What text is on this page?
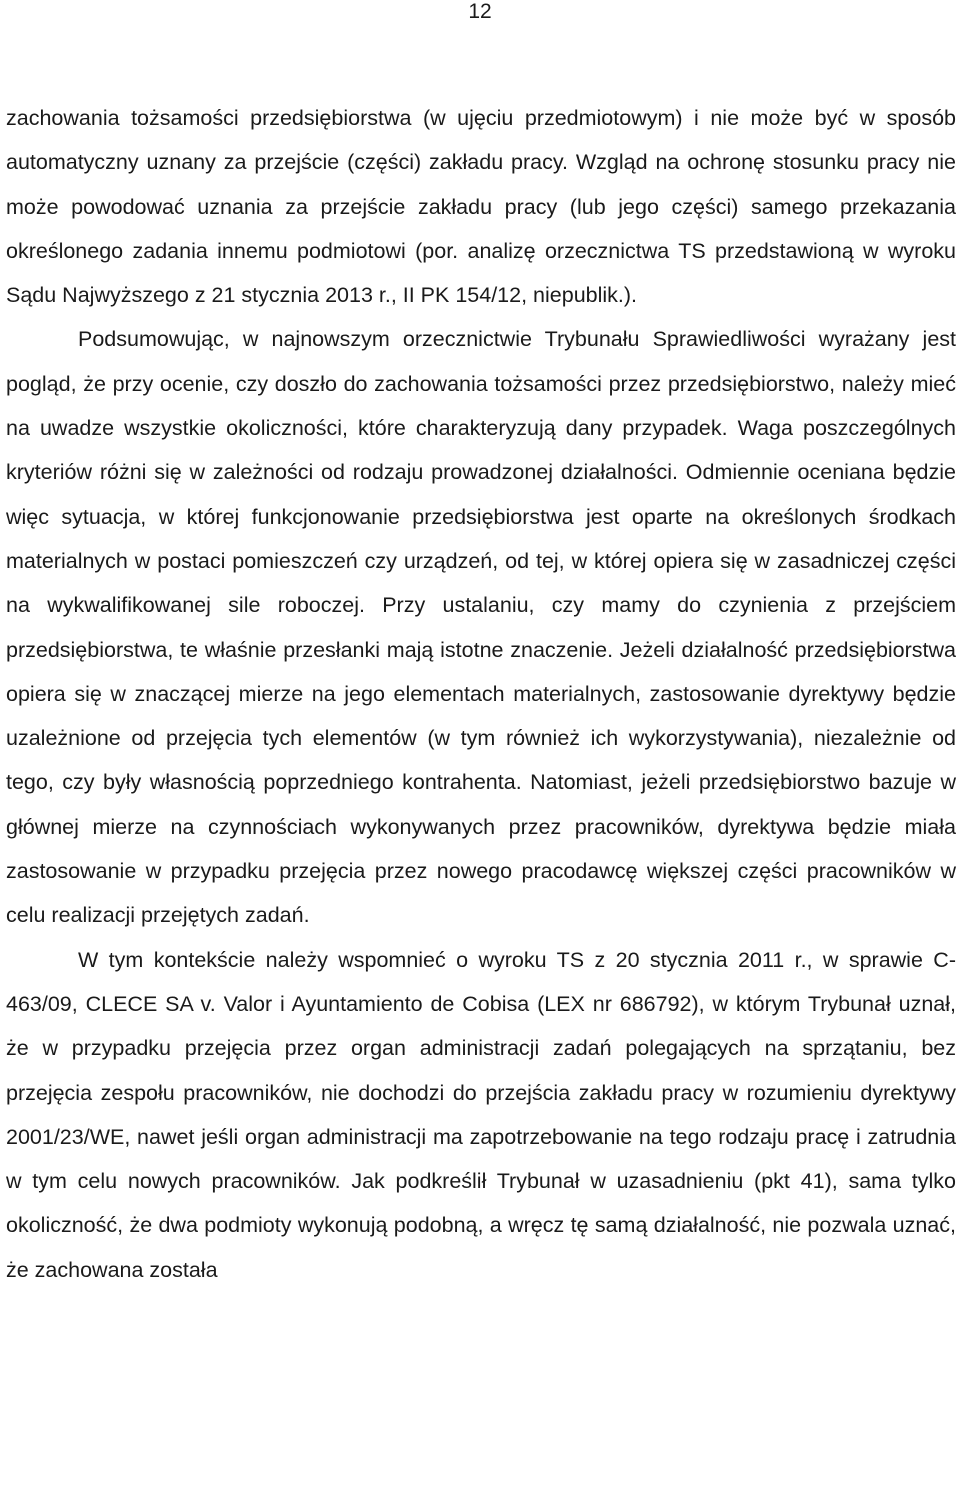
12

zachowania tożsamości przedsiębiorstwa (w ujęciu przedmiotowym) i nie może być w sposób automatyczny uznany za przejście (części) zakładu pracy. Wzgląd na ochronę stosunku pracy nie może powodować uznania za przejście zakładu pracy (lub jego części) samego przekazania określonego zadania innemu podmiotowi (por. analizę orzecznictwa TS przedstawioną w wyroku Sądu Najwyższego z 21 stycznia 2013 r., II PK 154/12, niepublik.).

Podsumowując, w najnowszym orzecznictwie Trybunału Sprawiedliwości wyrażany jest pogląd, że przy ocenie, czy doszło do zachowania tożsamości przez przedsiębiorstwo, należy mieć na uwadze wszystkie okoliczności, które charakteryzują dany przypadek. Waga poszczególnych kryteriów różni się w zależności od rodzaju prowadzonej działalności. Odmiennie oceniana będzie więc sytuacja, w której funkcjonowanie przedsiębiorstwa jest oparte na określonych środkach materialnych w postaci pomieszczeń czy urządzeń, od tej, w której opiera się w zasadniczej części na wykwalifikowanej sile roboczej. Przy ustalaniu, czy mamy do czynienia z przejściem przedsiębiorstwa, te właśnie przesłanki mają istotne znaczenie. Jeżeli działalność przedsiębiorstwa opiera się w znaczącej mierze na jego elementach materialnych, zastosowanie dyrektywy będzie uzależnione od przejęcia tych elementów (w tym również ich wykorzystywania), niezależnie od tego, czy były własnością poprzedniego kontrahenta. Natomiast, jeżeli przedsiębiorstwo bazuje w głównej mierze na czynnościach wykonywanych przez pracowników, dyrektywa będzie miała zastosowanie w przypadku przejęcia przez nowego pracodawcę większej części pracowników w celu realizacji przejętych zadań.

W tym kontekście należy wspomnieć o wyroku TS z 20 stycznia 2011 r., w sprawie C-463/09, CLECE SA v. Valor i Ayuntamiento de Cobisa (LEX nr 686792), w którym Trybunał uznał, że w przypadku przejęcia przez organ administracji zadań polegających na sprzątaniu, bez przejęcia zespołu pracowników, nie dochodzi do przejścia zakładu pracy w rozumieniu dyrektywy 2001/23/WE, nawet jeśli organ administracji ma zapotrzebowanie na tego rodzaju pracę i zatrudnia w tym celu nowych pracowników. Jak podkreślił Trybunał w uzasadnieniu (pkt 41), sama tylko okoliczność, że dwa podmioty wykonują podobną, a wręcz tę samą działalność, nie pozwala uznać, że zachowana została
